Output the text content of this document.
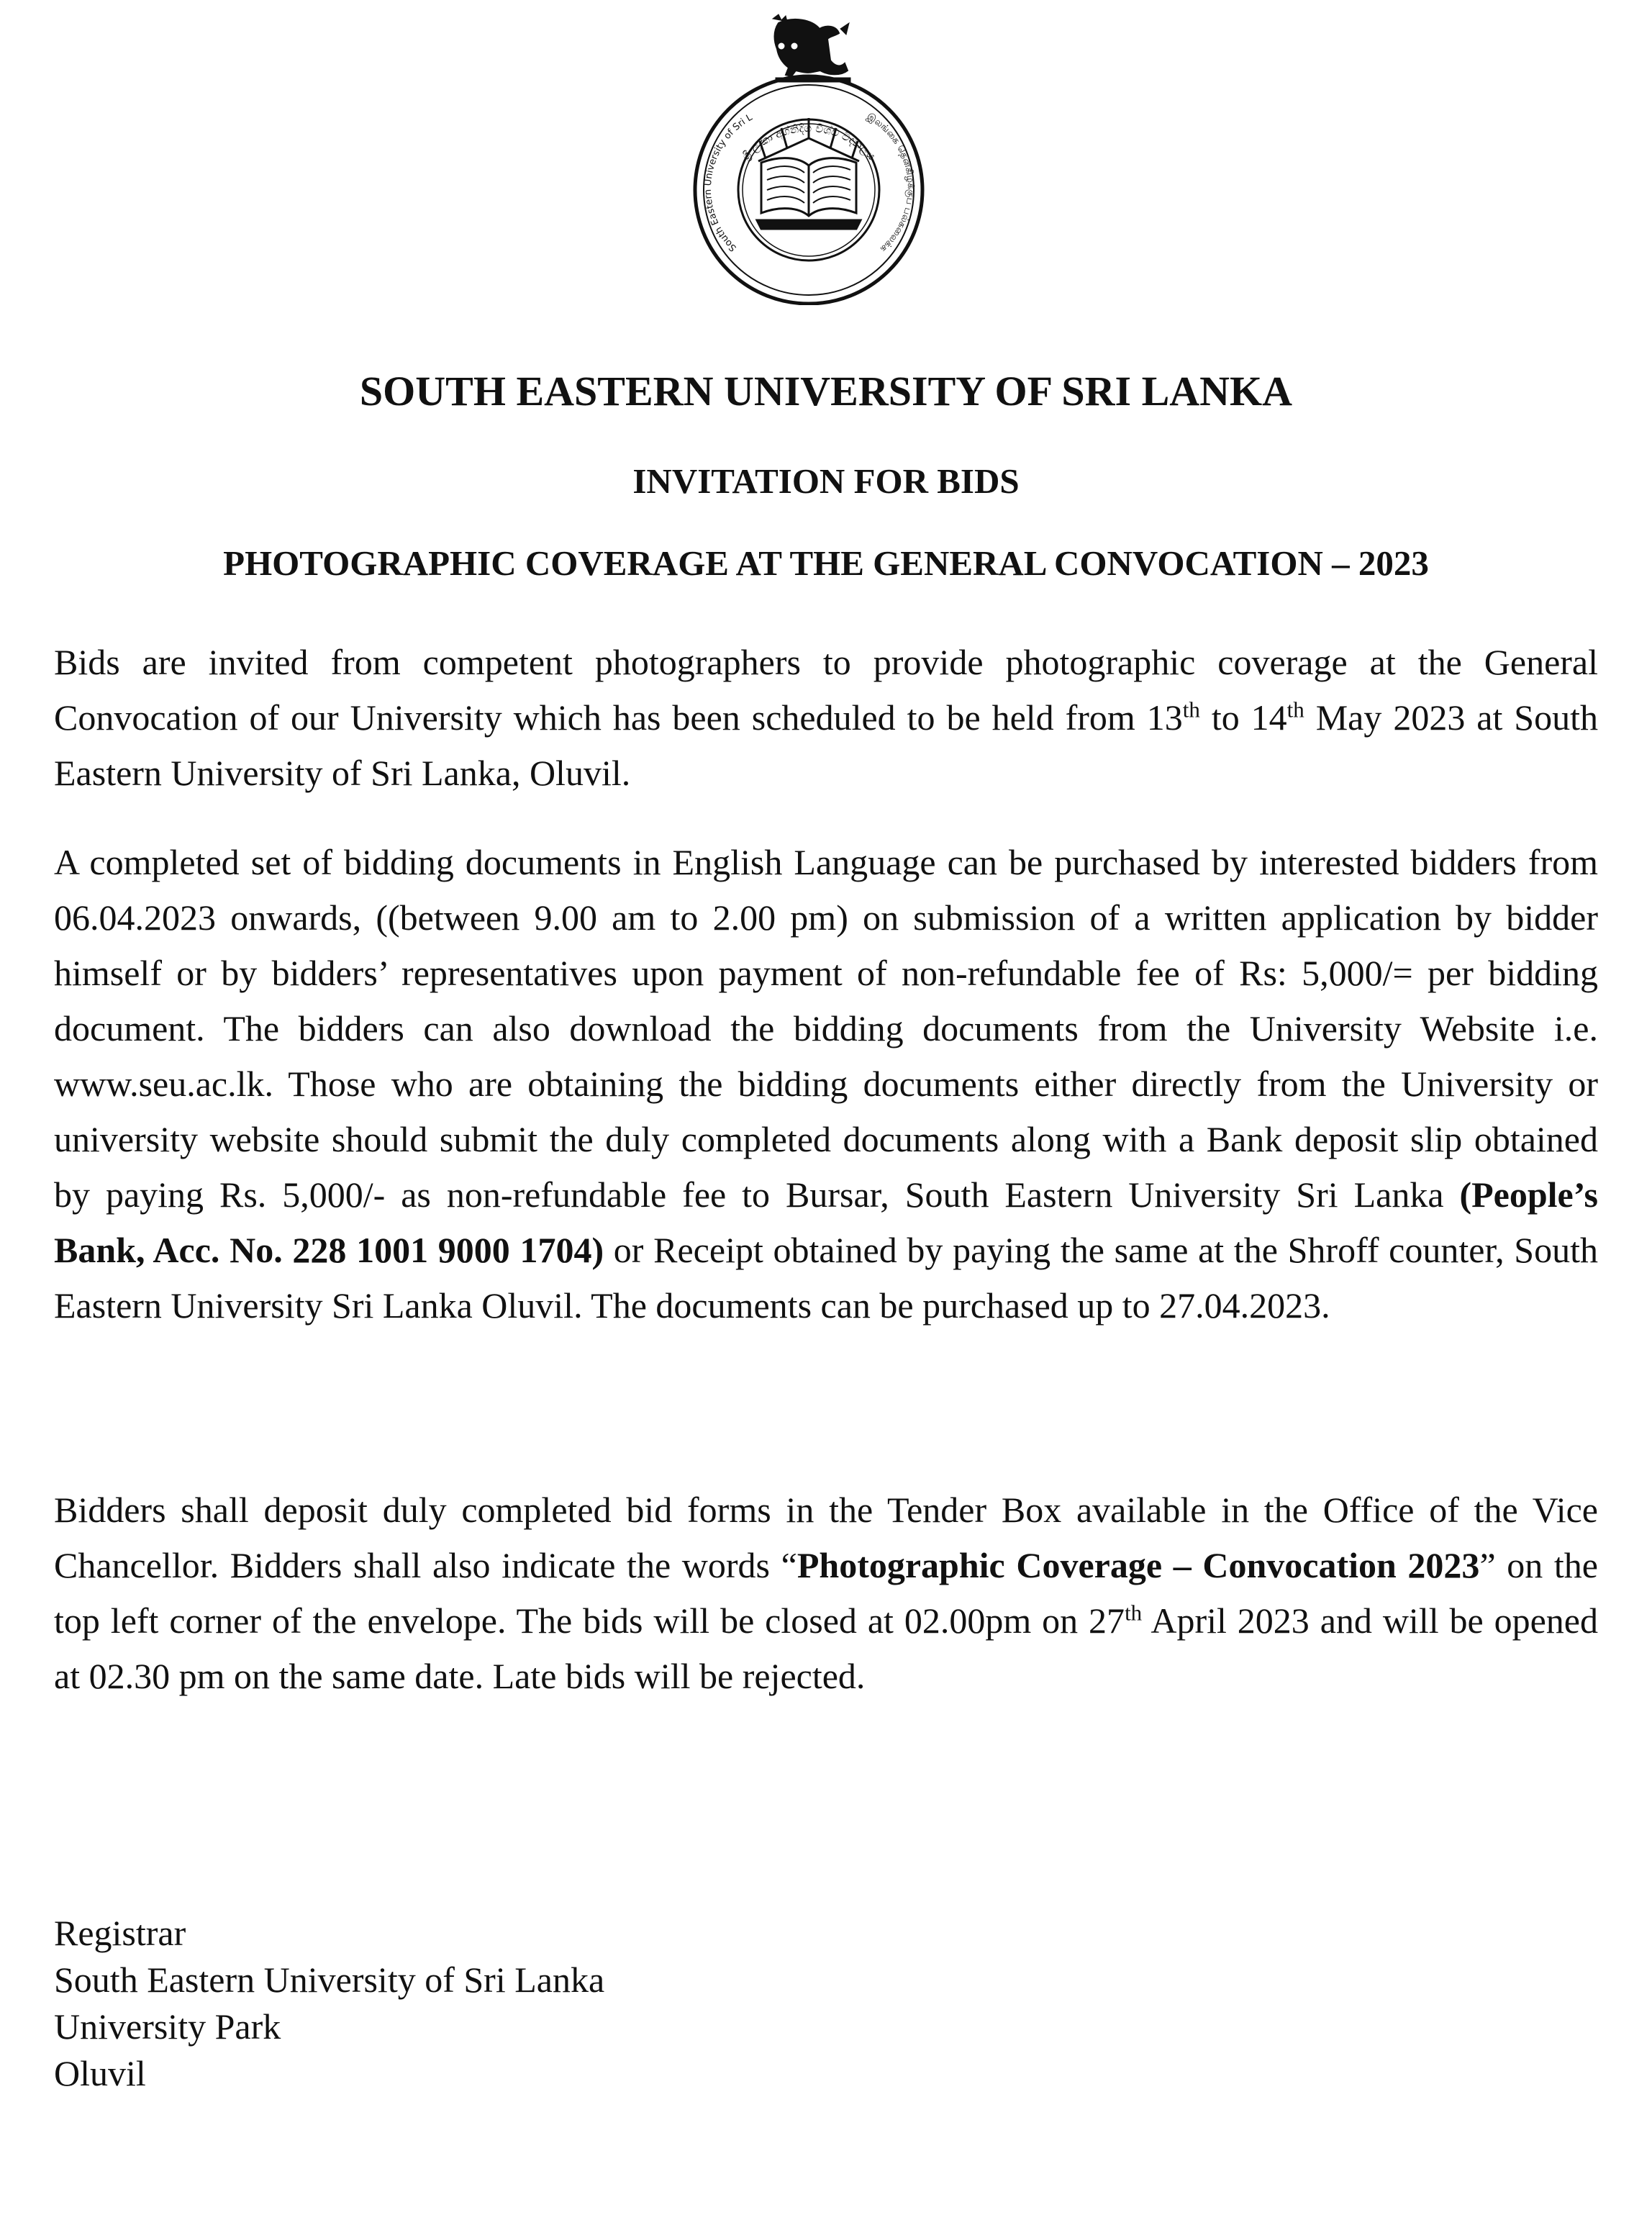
ශ්‍රී ලංකා අග්නිදිග විශ්ව විද්‍යාලය
South Eastern University of Sri L	இலங்கை தென்கிழக்குப் பல்கலைக்க
SOUTH EASTERN UNIVERSITY OF SRI LANKA
INVITATION FOR BIDS
PHOTOGRAPHIC COVERAGE AT THE GENERAL CONVOCATION – 2023

Bids are invited from competent photographers to provide photographic coverage at the General Convocation of our University which has been scheduled to be held from 13th to 14th May 2023 at South Eastern University of Sri Lanka, Oluvil.

A completed set of bidding documents in English Language can be purchased by interested bidders from 06.04.2023 onwards, ((between 9.00 am to 2.00 pm) on submission of a written application by bidder himself or by bidders’ representatives upon payment of non-refundable fee of Rs: 5,000/= per bidding document. The bidders can also download the bidding documents from the University Website i.e. www.seu.ac.lk. Those who are obtaining the bidding documents either directly from the University or university website should submit the duly completed documents along with a Bank deposit slip obtained by paying Rs. 5,000/- as non-refundable fee to Bursar, South Eastern University Sri Lanka (People’s Bank, Acc. No. 228 1001 9000 1704) or Receipt obtained by paying the same at the Shroff counter, South Eastern University Sri Lanka Oluvil. The documents can be purchased up to 27.04.2023.

Bidders shall deposit duly completed bid forms in the Tender Box available in the Office of the Vice Chancellor. Bidders shall also indicate the words “Photographic Coverage – Convocation 2023” on the top left corner of the envelope. The bids will be closed at 02.00pm on 27th April 2023 and will be opened at 02.30 pm on the same date. Late bids will be rejected.

Registrar
South Eastern University of Sri Lanka
University Park
Oluvil
